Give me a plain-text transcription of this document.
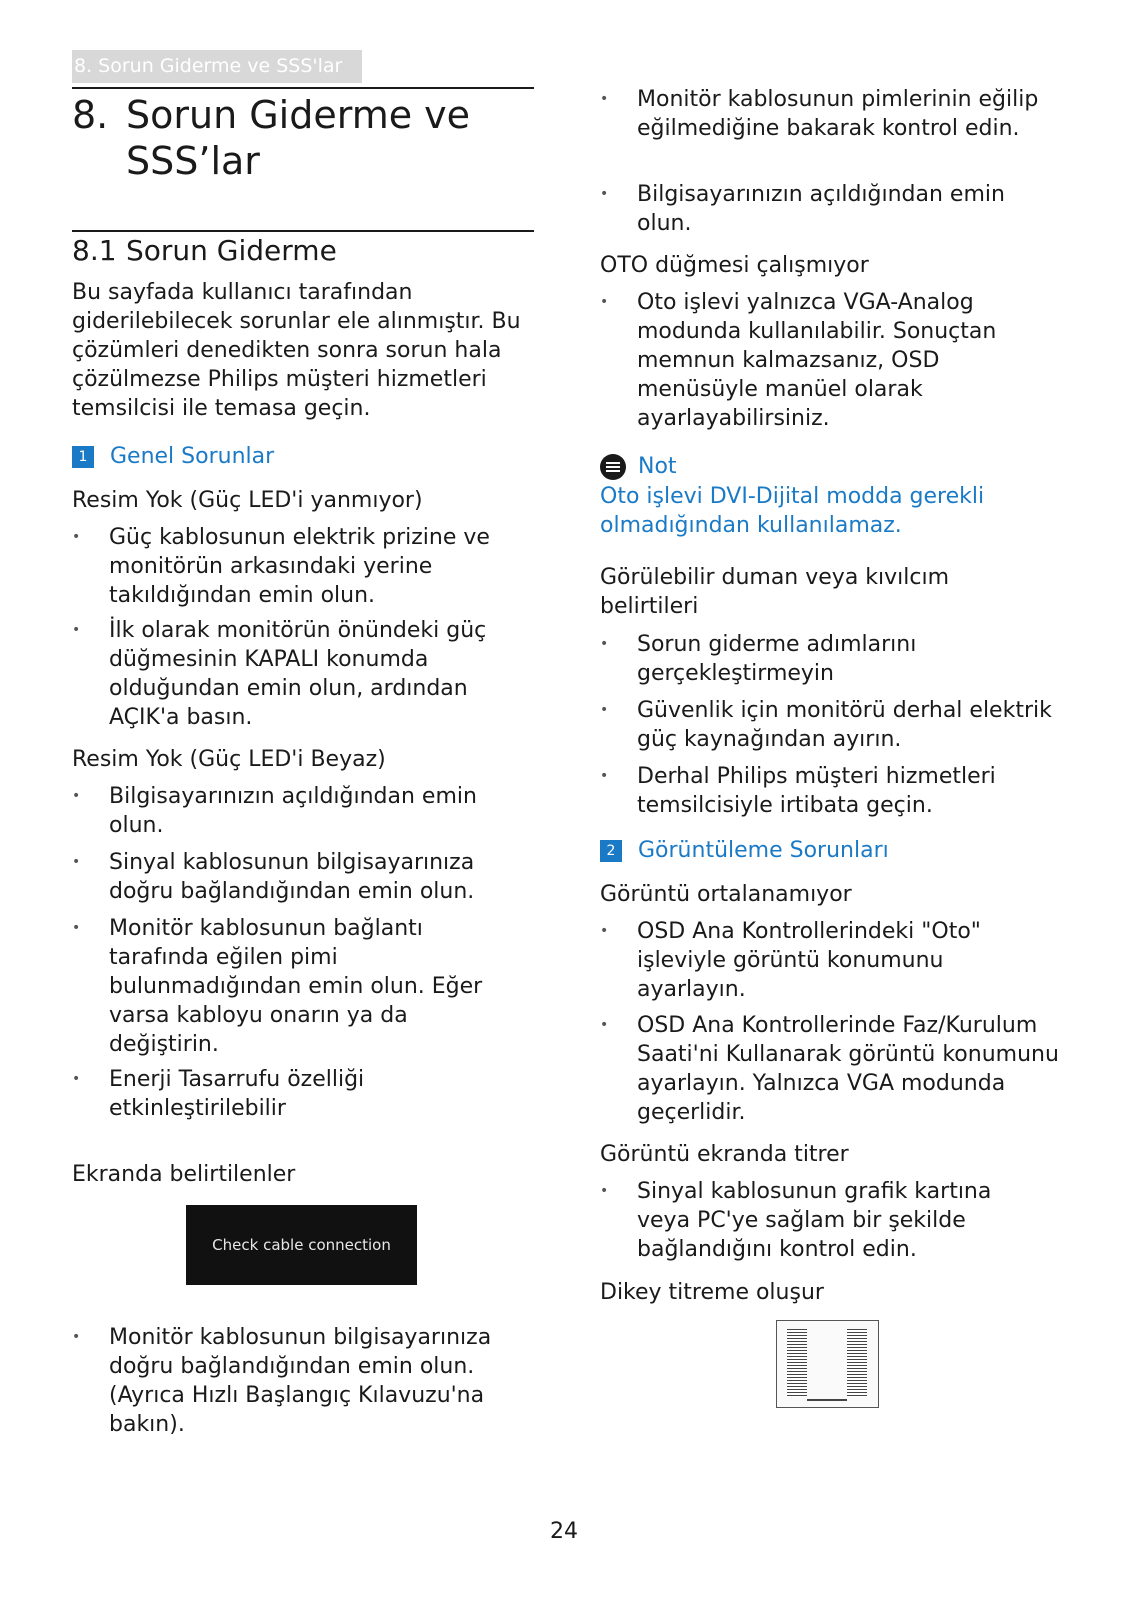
8. Sorun Giderme ve SSS'lar
8. Sorun Giderme ve
SSS’lar
8.1 Sorun Giderme
Bu sayfada kullanıcı tarafından giderilebilecek sorunlar ele alınmıştır. Bu çözümleri denedikten sonra sorun hala çözülmezse Philips müşteri hizmetleri temsilcisi ile temasa geçin.
1 Genel Sorunlar
Resim Yok (Güç LED'i yanmıyor)
• Güç kablosunun elektrik prizine ve monitörün arkasındaki yerine takıldığından emin olun.
• İlk olarak monitörün önündeki güç düğmesinin KAPALI konumda olduğundan emin olun, ardından AÇIK'a basın.
Resim Yok (Güç LED'i Beyaz)
• Bilgisayarınızın açıldığından emin olun.
• Sinyal kablosunun bilgisayarınıza doğru bağlandığından emin olun.
• Monitör kablosunun bağlantı tarafında eğilen pimi bulunmadığından emin olun. Eğer varsa kabloyu onarın ya da değiştirin.
• Enerji Tasarrufu özelliği etkinleştirilebilir
Ekranda belirtilenler
Check cable connection
• Monitör kablosunun bilgisayarınıza doğru bağlandığından emin olun. (Ayrıca Hızlı Başlangıç Kılavuzu'na bakın).
• Monitör kablosunun pimlerinin eğilip eğilmediğine bakarak kontrol edin.
• Bilgisayarınızın açıldığından emin olun.
OTO düğmesi çalışmıyor
• Oto işlevi yalnızca VGA-Analog modunda kullanılabilir. Sonuçtan memnun kalmazsanız, OSD menüsüyle manüel olarak ayarlayabilirsiniz.
Not
Oto işlevi DVI-Dijital modda gerekli olmadığından kullanılamaz.
Görülebilir duman veya kıvılcım belirtileri
• Sorun giderme adımlarını gerçekleştirmeyin
• Güvenlik için monitörü derhal elektrik güç kaynağından ayırın.
• Derhal Philips müşteri hizmetleri temsilcisiyle irtibata geçin.
2 Görüntüleme Sorunları
Görüntü ortalanamıyor
• OSD Ana Kontrollerindeki "Oto" işleviyle görüntü konumunu ayarlayın.
• OSD Ana Kontrollerinde Faz/Kurulum Saati'ni Kullanarak görüntü konumunu ayarlayın. Yalnızca VGA modunda geçerlidir.
Görüntü ekranda titrer
• Sinyal kablosunun grafik kartına veya PC'ye sağlam bir şekilde bağlandığını kontrol edin.
Dikey titreme oluşur
24
